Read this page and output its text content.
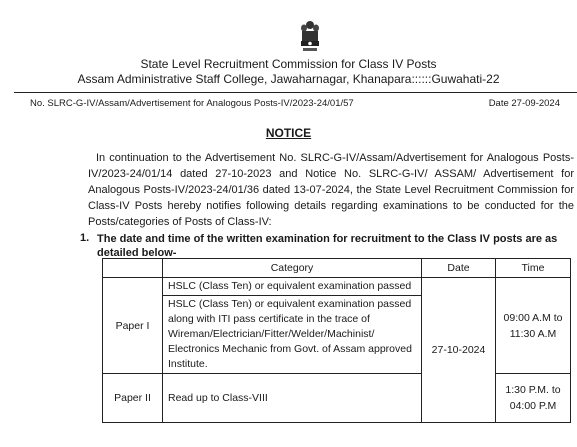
State Level Recruitment Commission for Class IV Posts
Assam Administrative Staff College, Jawaharnagar, Khanapara::::::Guwahati-22
No. SLRC-G-IV/Assam/Advertisement for Analogous Posts-IV/2023-24/01/57	Date 27-09-2024
NOTICE
In continuation to the Advertisement No. SLRC-G-IV/Assam/Advertisement for Analogous Posts-IV/2023-24/01/14 dated 27-10-2023 and Notice No. SLRC-G-IV/ ASSAM/ Advertisement for Analogous Posts-IV/2023-24/01/36 dated 13-07-2024, the State Level Recruitment Commission for Class-IV Posts hereby notifies following details regarding examinations to be conducted for the Posts/categories of Posts of Class-IV:
1. The date and time of the written examination for recruitment to the Class IV posts are as detailed below-
	Category	Date	Time
Paper I	HSLC (Class Ten) or equivalent examination passed	27-10-2024	09:00 A.M to 11:30 A.M
	HSLC (Class Ten) or equivalent examination passed along with ITI pass certificate in the trace of Wireman/Electrician/Fitter/Welder/Machinist/ Electronics Mechanic from Govt. of Assam approved Institute.		
Paper II	Read up to Class-VIII		1:30 P.M. to 04:00 P.M
